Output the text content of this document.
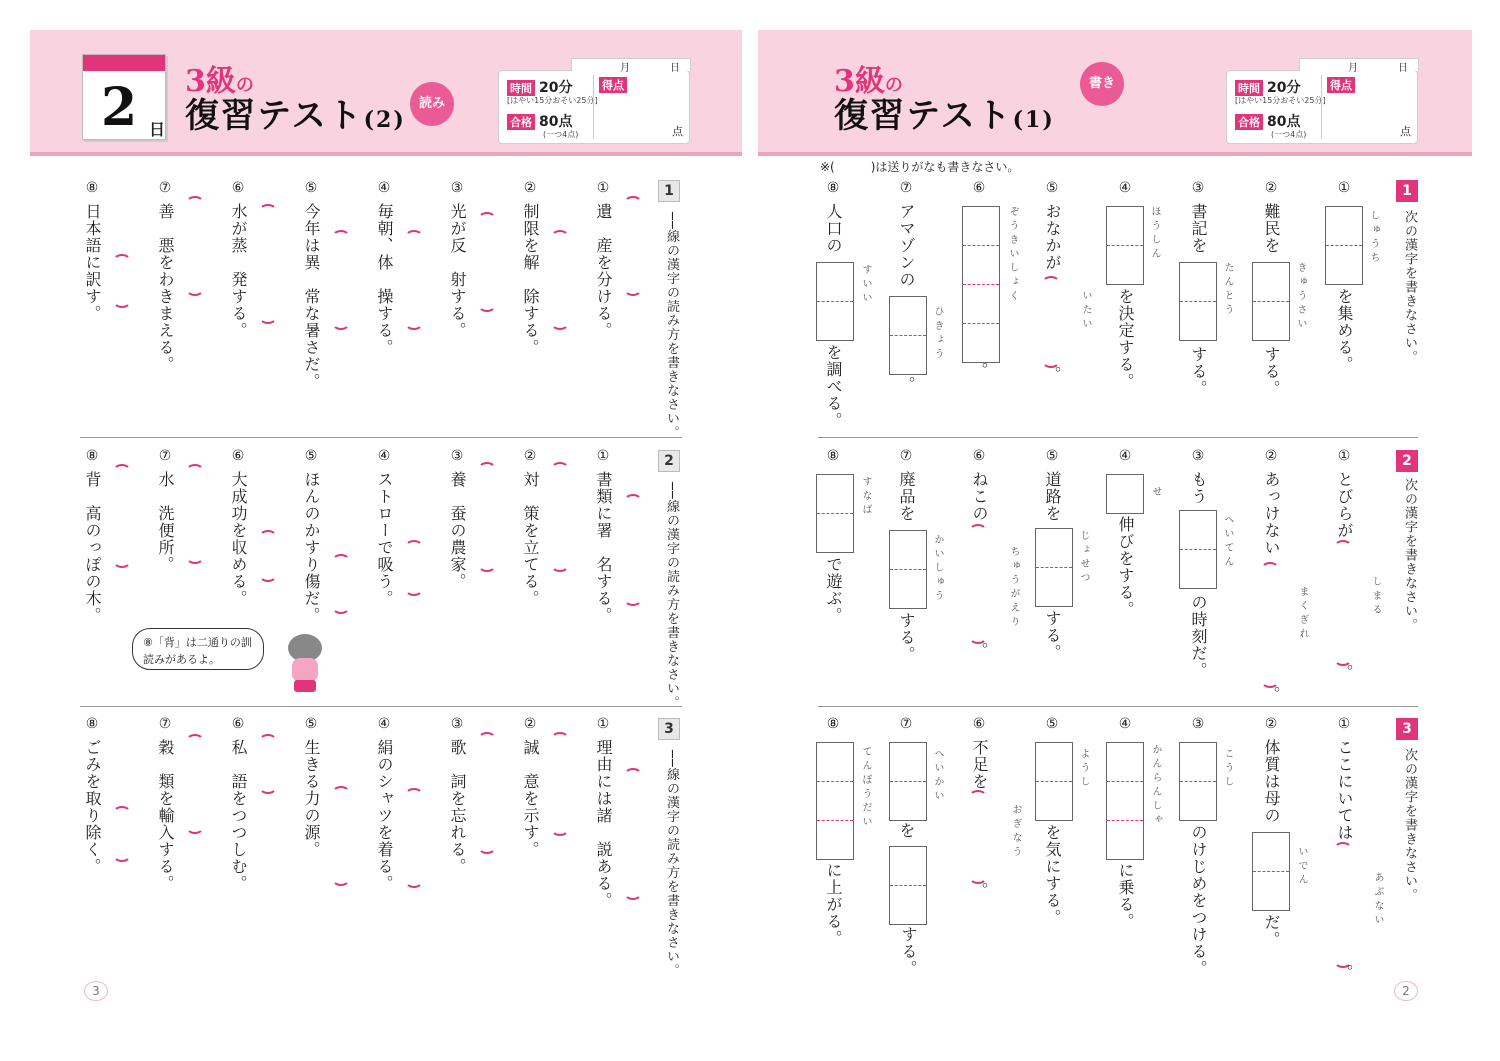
2 日
3級の
復習テスト(2)
読み
月	日
時間 20分
[はやい15分おそい25分]
合格 80点
(一つ4点)
得点
点
1
──線の漢字の読み方を書きなさい。
①遺　産を分ける。
②制限を解　除する。
③光が反　射する。
④毎朝、体　操する。
⑤今年は異　常な暑さだ。
⑥水が蒸　発する。
⑦善　悪をわきまえる。
⑧日本語に訳す。
2
──線の漢字の読み方を書きなさい。
①書類に署　名する。
②対　策を立てる。
③養　蚕の農家。
④ストローで吸う。
⑤ほんのかすり傷だ。
⑥大成功を収める。
⑦水　洗便所。
⑧背　高のっぽの木。
⑧「背」は二通りの訓読みがあるよ。
3
──線の漢字の読み方を書きなさい。
①理由には諸　説ある。
②誠　意を示す。
③歌　詞を忘れる。
④絹のシャツを着る。
⑤生きる力の源。
⑥私　語をつつしむ。
⑦穀　類を輸入する。
⑧ごみを取り除く。
3
3級の
復習テスト(1)
書き
月	日
時間 20分
[はやい15分おそい25分]
合格 80点
(一つ4点)
得点
点
※(　　　)は送りがなも書きなさい。
1
次の漢字を書きなさい。
①
しゅうち
を集める。
②難民を
きゅうさい
する。
③書記を
たんとう
する。
④
ほうしん
を決定する。
⑤おなかが
いたい
。
⑥
ぞうきいしょく
。
⑦アマゾンの
ひきょう
。
⑧人口の
すいい
を調べる。
2
次の漢字を書きなさい。
①とびらが
しまる
。
②あっけない
まくぎれ
。
③もう
へいてん
の時刻だ。
④
せ
伸びをする。
⑤道路を
じょせつ
する。
⑥ねこの
ちゅうがえり
。
⑦廃品を
かいしゅう
する。
⑧
すなば
で遊ぶ。
3
次の漢字を書きなさい。
①ここにいては
あぶない
。
②体質は母の
いでん
だ。
③
こうし
のけじめをつける。
④
かんらんしゃ
に乗る。
⑤
ようし
を気にする。
⑥不足を
おぎなう
。
⑦
へいかい
を
する。
⑧
てんぼうだい
に上がる。
2
